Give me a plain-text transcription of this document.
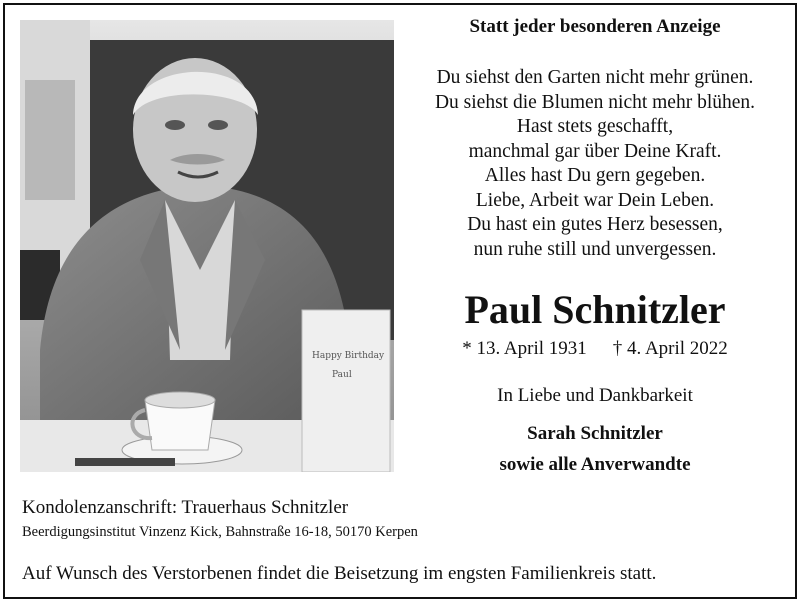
Happy Birthday
Paul
Statt jeder besonderen Anzeige
Du siehst den Garten nicht mehr grünen.
Du siehst die Blumen nicht mehr blühen.
Hast stets geschafft,
manchmal gar über Deine Kraft.
Alles hast Du gern gegeben.
Liebe, Arbeit war Dein Leben.
Du hast ein gutes Herz besessen,
nun ruhe still und unvergessen.
Paul Schnitzler
* 13. April 1931 † 4. April 2022
In Liebe und Dankbarkeit
Sarah Schnitzler
sowie alle Anverwandte
Kondolenzanschrift: Trauerhaus Schnitzler
Beerdigungsinstitut Vinzenz Kick, Bahnstraße 16-18, 50170 Kerpen
Auf Wunsch des Verstorbenen findet die Beisetzung im engsten Familienkreis statt.
